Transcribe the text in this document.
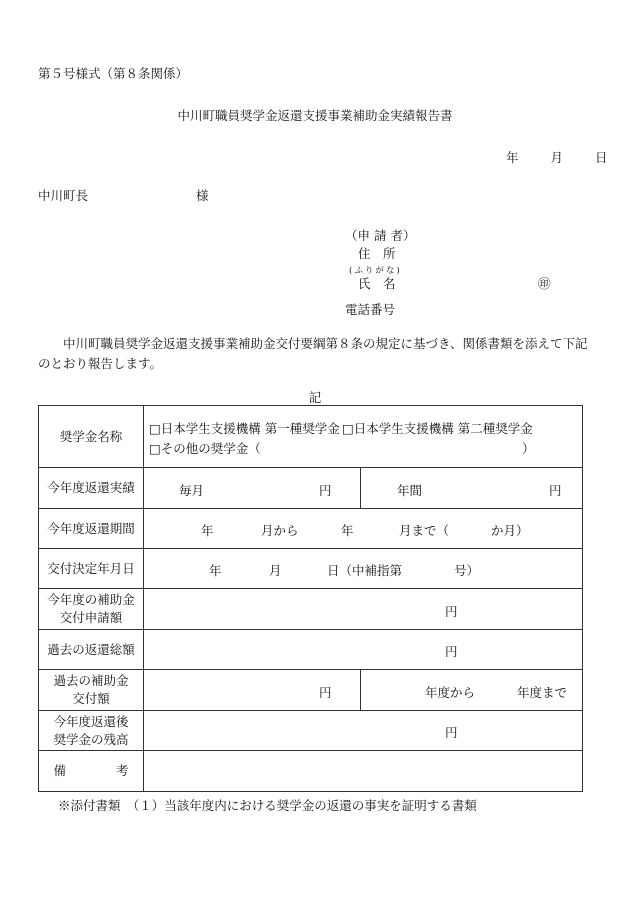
第５号様式（第８条関係）
中川町職員奨学金返還支援事業補助金実績報告書
年	月	日
中川町長	様
（申 請 者）
住　所
(ふりがな)
氏　名	㊞
電話番号
中川町職員奨学金返還支援事業補助金交付要綱第８条の規定に基づき、関係書類を添えて下記のとおり報告します。
記
奨学金名称	□日本学生支援機構 第一種奨学金 □日本学生支援機構 第二種奨学金
□その他の奨学金（	）
今年度返還実績	毎月	円	年間	円
今年度返還期間	年	月から	年	月まで（	か月）
交付決定年月日	年	月	日（中補指第	号）
今年度の補助金
交付申請額	円
過去の返還総額	円
過去の補助金
交付額	円	年度から	年度まで
今年度返還後
奨学金の残高	円
備　　　　考
※添付書類　（１）当該年度内における奨学金の返還の事実を証明する書類
